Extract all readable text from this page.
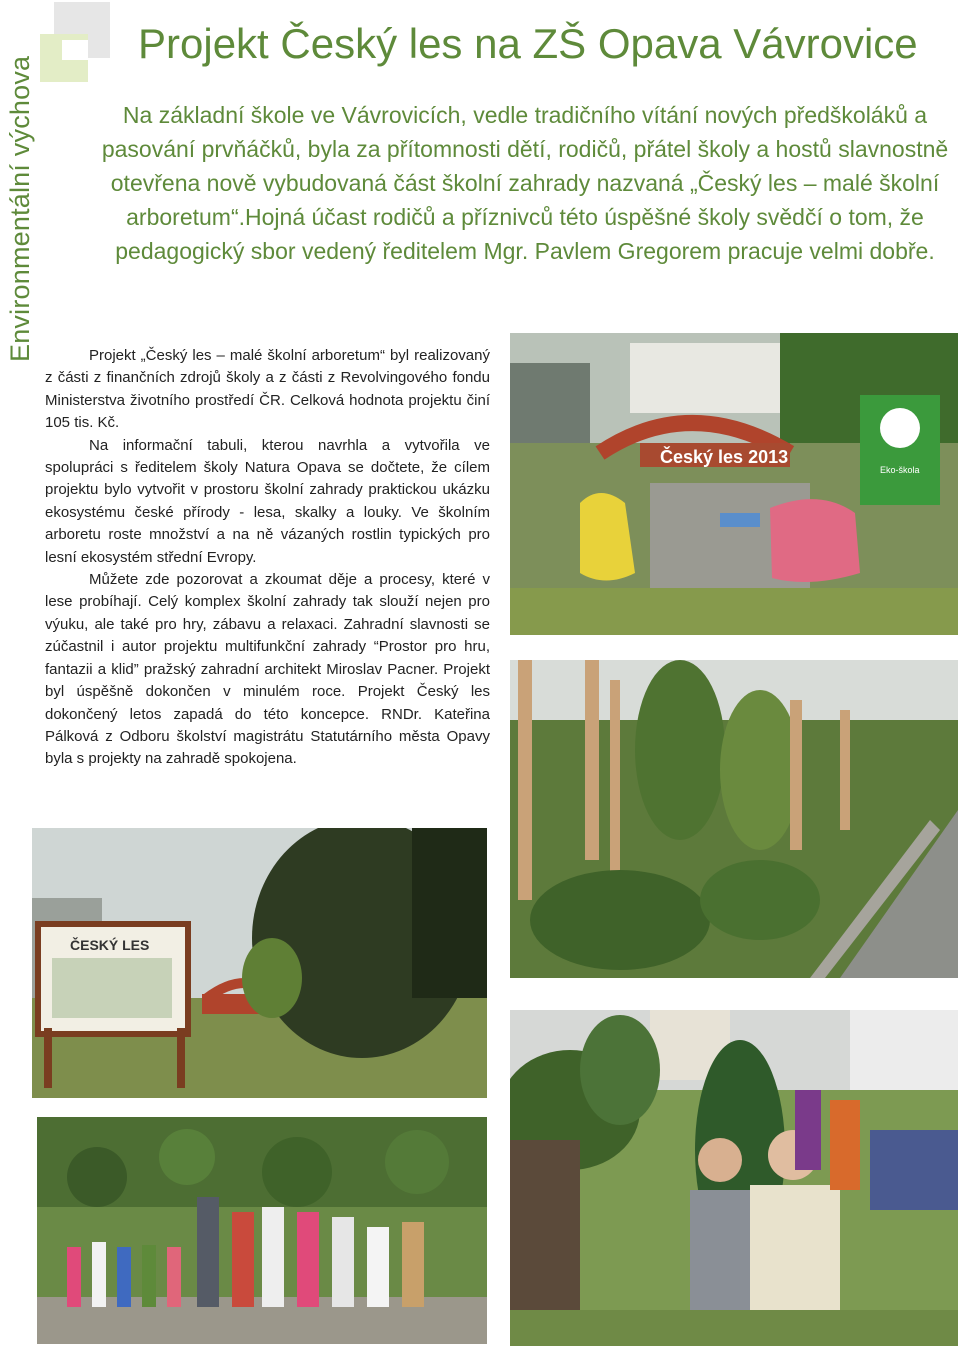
Environmentální výchova
Projekt Český les na ZŠ Opava Vávrovice

Na základní škole ve Vávrovicích, vedle tradičního vítání nových předškoláků a pasování prvňáčků, byla za přítomnosti dětí, rodičů, přátel školy a hostů slavnostně otevřena nově vybudovaná část školní zahrady nazvaná „Český les – malé školní arboretum“.Hojná účast rodičů a příznivců této úspěšné školy svědčí o tom, že pedagogický sbor vedený ředitelem Mgr. Pavlem Gregorem pracuje velmi dobře.

Projekt „Český les – malé školní arboretum“ byl realizovaný z části z finančních zdrojů školy a z části z Revolvingového fondu Ministerstva životního prostředí ČR. Celková hodnota projektu činí 105 tis. Kč.

Na informační tabuli, kterou navrhla a vytvořila ve spolupráci s ředitelem školy Natura Opava se dočtete, že cílem projektu bylo vytvořit v prostoru školní zahrady praktickou ukázku ekosystému české přírody - lesa, skalky a louky. Ve školním arboretu roste množství a na ně vázaných rostlin typických pro lesní ekosystém střední Evropy.

Můžete zde pozorovat a zkoumat děje a procesy, které v lese probíhají. Celý komplex školní zahrady tak slouží nejen pro výuku, ale také pro hry, zábavu a relaxaci. Zahradní slavnosti se zúčastnil i autor projektu multifunkční zahrady “Prostor pro hru, fantazii a klid” pražský zahradní architekt Miroslav Pacner. Projekt byl úspěšně dokončen v minulém roce. Projekt Český les dokončený letos zapadá do této koncepce. RNDr. Kateřina Pálková z Odboru školství magistrátu Statutárního města Opavy byla s projekty na zahradě spokojena.

Český les 2013
Eko-škola
ČESKÝ LES
